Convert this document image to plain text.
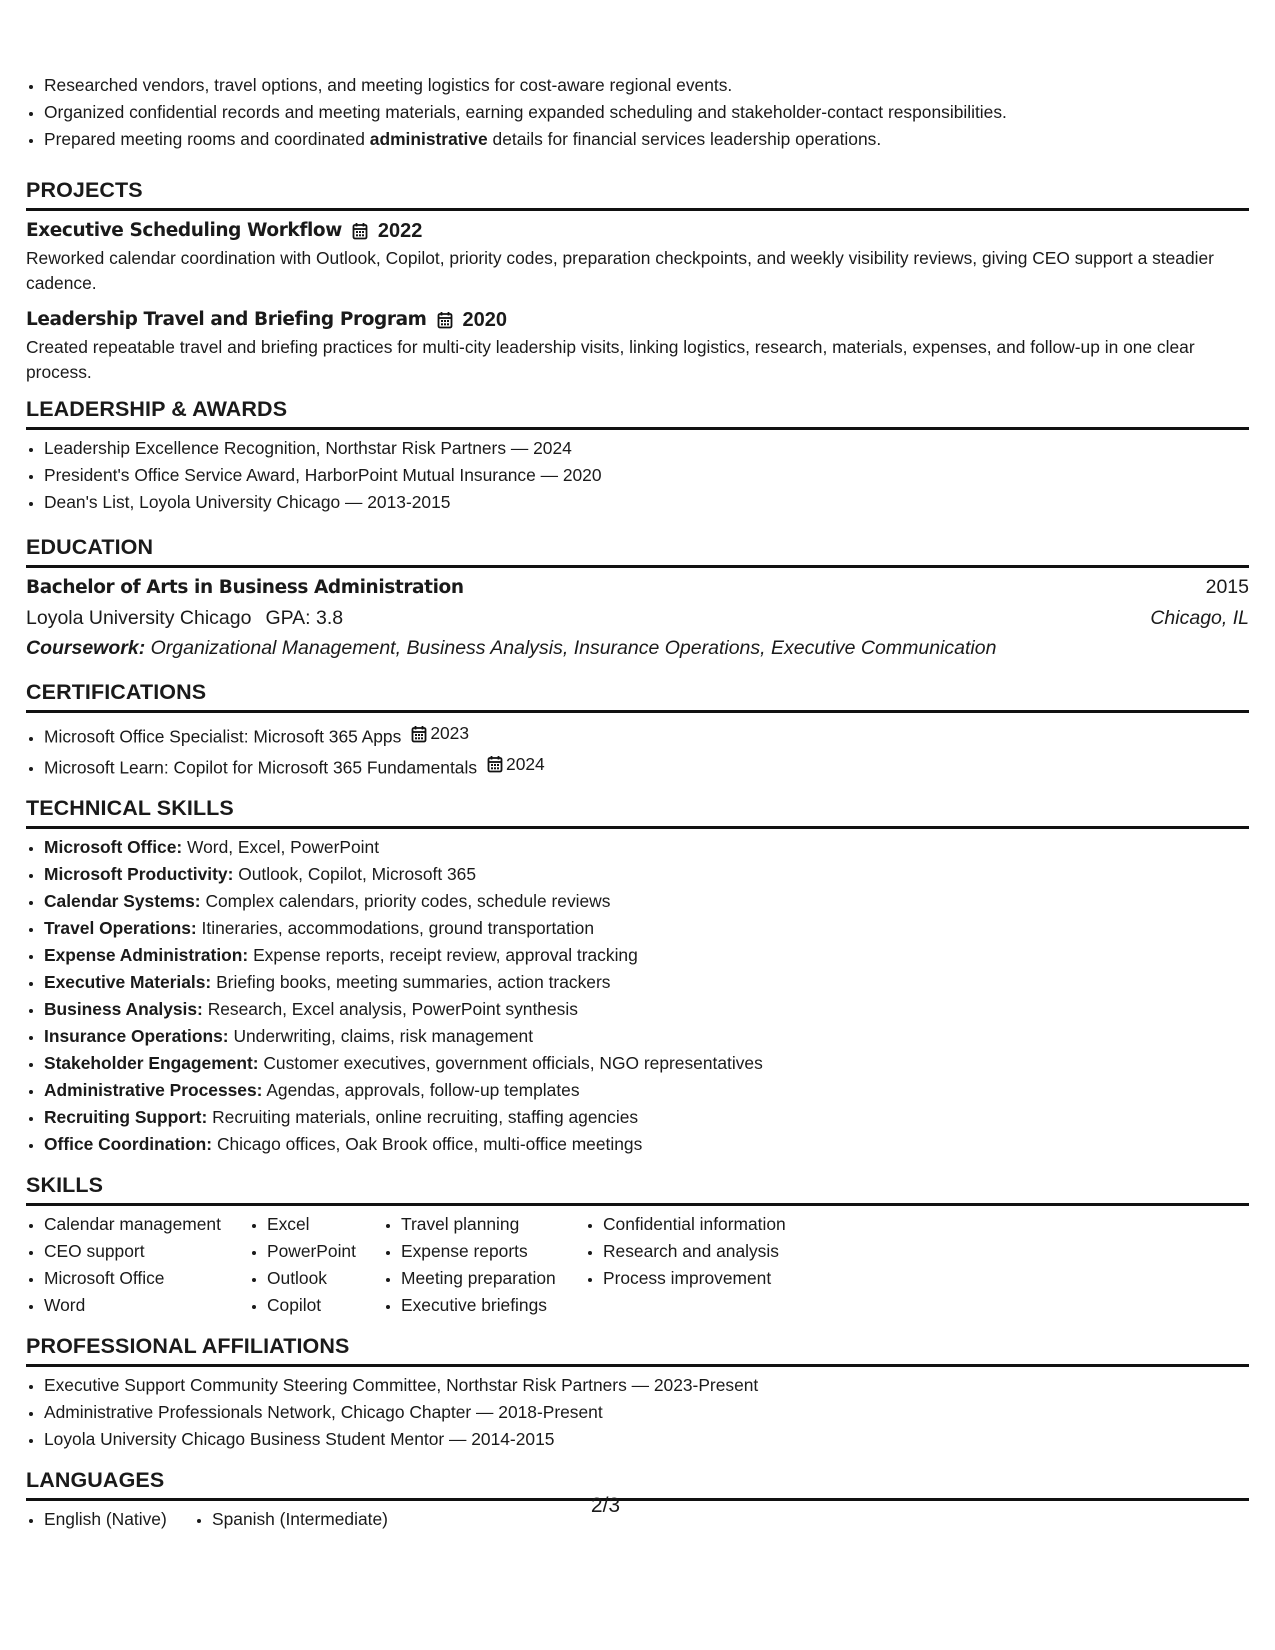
• Researched vendors, travel options, and meeting logistics for cost-aware regional events.
• Organized confidential records and meeting materials, earning expanded scheduling and stakeholder-contact responsibilities.
• Prepared meeting rooms and coordinated administrative details for financial services leadership operations.
PROJECTS
Executive Scheduling Workflow 2022

Reworked calendar coordination with Outlook, Copilot, priority codes, preparation checkpoints, and weekly visibility reviews, giving CEO support a steadier cadence.

Leadership Travel and Briefing Program 2020

Created repeatable travel and briefing practices for multi-city leadership visits, linking logistics, research, materials, expenses, and follow-up in one clear process.

LEADERSHIP & AWARDS
• Leadership Excellence Recognition, Northstar Risk Partners — 2024
• President's Office Service Award, HarborPoint Mutual Insurance — 2020
• Dean's List, Loyola University Chicago — 2013-2015
EDUCATION
Bachelor of Arts in Business Administration	2015
Loyola University Chicago GPA: 3.8	Chicago, IL
Coursework: Organizational Management, Business Analysis, Insurance Operations, Executive Communication
CERTIFICATIONS
• Microsoft Office Specialist: Microsoft 365 Apps 2023
• Microsoft Learn: Copilot for Microsoft 365 Fundamentals 2024
TECHNICAL SKILLS
• Microsoft Office: Word, Excel, PowerPoint
• Microsoft Productivity: Outlook, Copilot, Microsoft 365
• Calendar Systems: Complex calendars, priority codes, schedule reviews
• Travel Operations: Itineraries, accommodations, ground transportation
• Expense Administration: Expense reports, receipt review, approval tracking
• Executive Materials: Briefing books, meeting summaries, action trackers
• Business Analysis: Research, Excel analysis, PowerPoint synthesis
• Insurance Operations: Underwriting, claims, risk management
• Stakeholder Engagement: Customer executives, government officials, NGO representatives
• Administrative Processes: Agendas, approvals, follow-up templates
• Recruiting Support: Recruiting materials, online recruiting, staffing agencies
• Office Coordination: Chicago offices, Oak Brook office, multi-office meetings
SKILLS
• Calendar management
• CEO support
• Microsoft Office
• Word
• Excel
• PowerPoint
• Outlook
• Copilot
• Travel planning
• Expense reports
• Meeting preparation
• Executive briefings
• Confidential information
• Research and analysis
• Process improvement
PROFESSIONAL AFFILIATIONS
• Executive Support Community Steering Committee, Northstar Risk Partners — 2023-Present
• Administrative Professionals Network, Chicago Chapter — 2018-Present
• Loyola University Chicago Business Student Mentor — 2014-2015
LANGUAGES
• English (Native)
•	Spanish (Intermediate)
2/3
